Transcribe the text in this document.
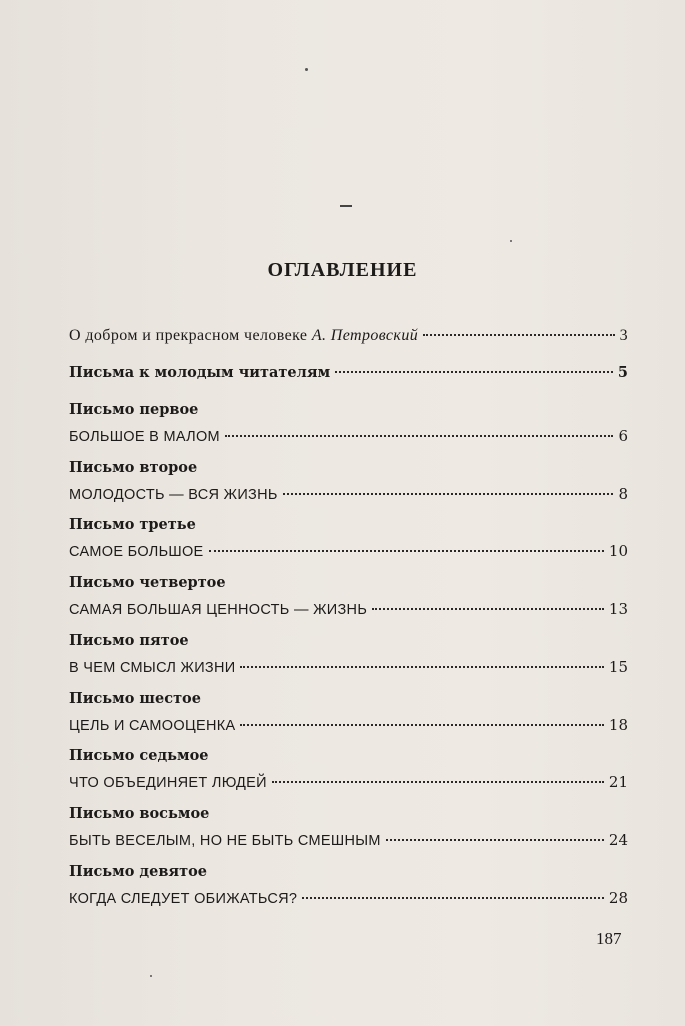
ОГЛАВЛЕНИЕ
О добром и прекрасном человеке А. Петровский	3
Письма к молодым читателям	5
Письмо первое
БОЛЬШОЕ В МАЛОМ	6
Письмо второе
МОЛОДОСТЬ — ВСЯ ЖИЗНЬ	8
Письмо третье
САМОЕ БОЛЬШОЕ	10
Письмо четвертое
САМАЯ БОЛЬШАЯ ЦЕННОСТЬ — ЖИЗНЬ	13
Письмо пятое
В ЧЕМ СМЫСЛ ЖИЗНИ	15
Письмо шестое
ЦЕЛЬ И САМООЦЕНКА	18
Письмо седьмое
ЧТО ОБЪЕДИНЯЕТ ЛЮДЕЙ	21
Письмо восьмое
БЫТЬ ВЕСЕЛЫМ, НО НЕ БЫТЬ СМЕШНЫМ	24
Письмо девятое
КОГДА СЛЕДУЕТ ОБИЖАТЬСЯ?	28
187
